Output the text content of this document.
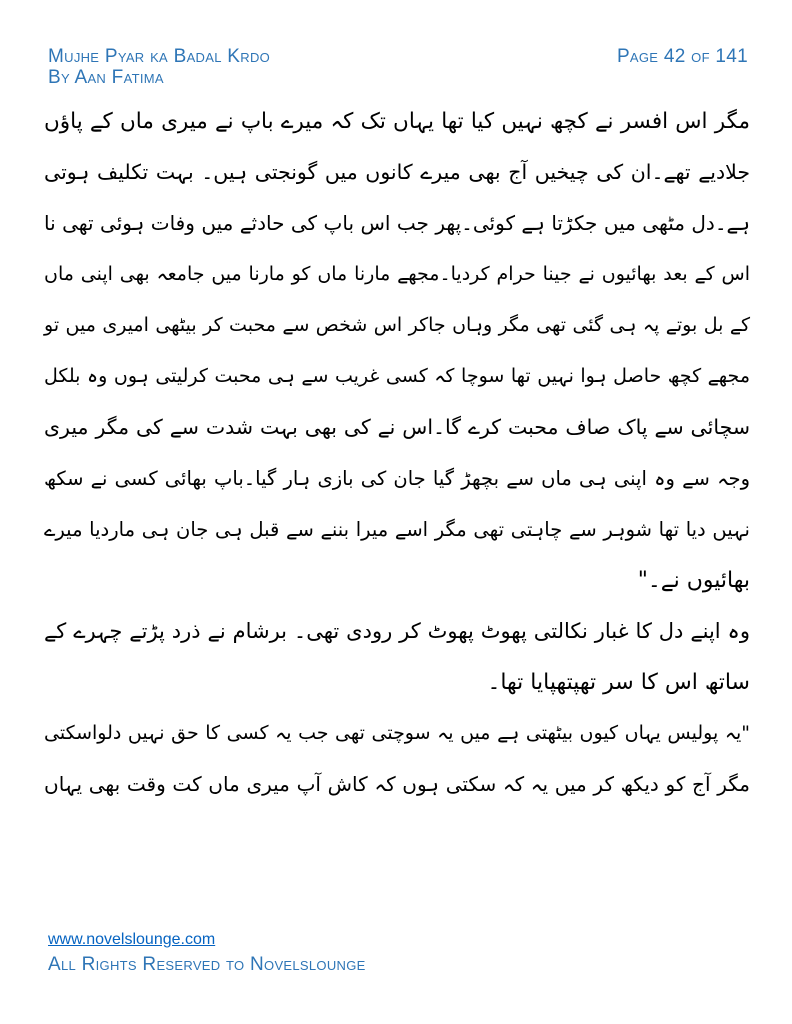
Mujhe Pyar ka Badal Krdo
By Aan Fatima
Page 42 of 141
مگر اس افسر نے کچھ نہیں کیا تھا یہاں تک کہ میرے باپ نے میری ماں کے پاؤں
جلادیے تھے۔ان کی چیخیں آج بھی میرے کانوں میں گونجتی ہیں۔ بہت تکلیف ہوتی
ہے۔دل مٹھی میں جکڑتا ہے کوئی۔پھر جب اس باپ کی حادثے میں وفات ہوئی تھی نا
اس کے بعد بھائیوں نے جینا حرام کردیا۔مجھے مارنا ماں کو مارنا میں جامعہ بھی اپنی ماں
کے بل بوتے پہ ہی گئی تھی مگر وہاں جاکر اس شخص سے محبت کر بیٹھی امیری میں تو
مجھے کچھ حاصل ہوا نہیں تھا سوچا کہ کسی غریب سے ہی محبت کرلیتی ہوں وہ بلکل
سچائی سے پاک صاف محبت کرے گا۔اس نے کی بھی بہت شدت سے کی مگر میری
وجہ سے وہ اپنی ہی ماں سے بچھڑ گیا جان کی بازی ہار گیا۔باپ بھائی کسی نے سکھ
نہیں دیا تھا شوہر سے چاہتی تھی مگر اسے میرا بننے سے قبل ہی جان ہی ماردیا میرے
بھائیوں نے۔"
وہ اپنے دل کا غبار نکالتی پھوٹ پھوٹ کر رودی تھی۔ برشام نے ذرد پڑتے چہرے کے
ساتھ اس کا سر تھپتھپایا تھا۔
"یہ پولیس یہاں کیوں بیٹھتی ہے میں یہ سوچتی تھی جب یہ کسی کا حق نہیں دلواسکتی
مگر آج کو دیکھ کر میں یہ کہ سکتی ہوں کہ کاش آپ میری ماں کت وقت بھی یہاں
www.novelslounge.com
All Rights Reserved to Novelslounge
